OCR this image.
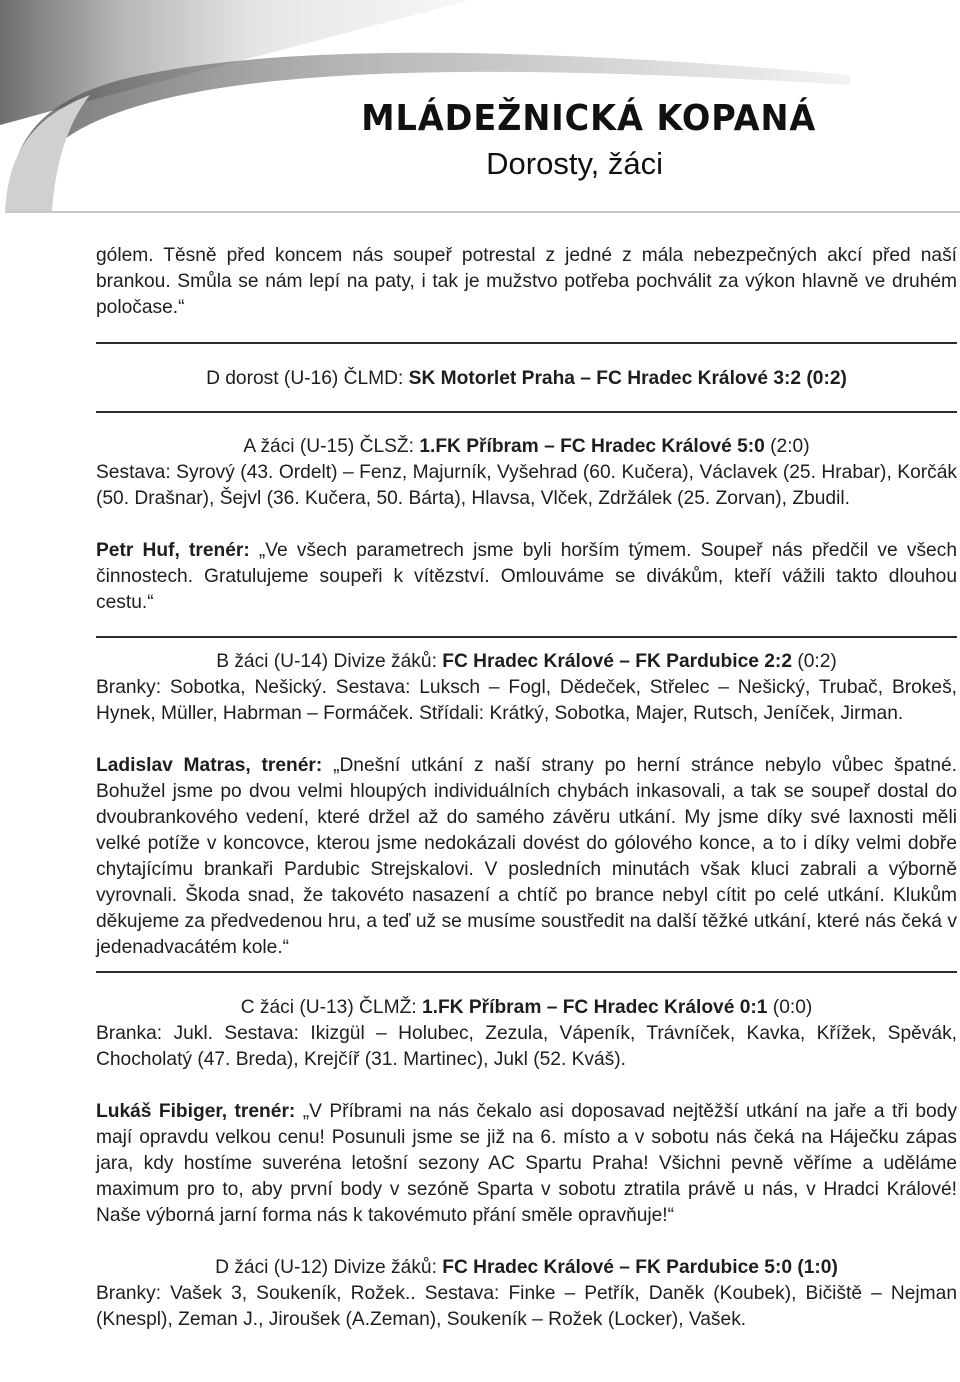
MLÁDEŽNICKÁ KOPANÁ
Dorosty, žáci

gólem. Těsně před koncem nás soupeř potrestal z jedné z mála nebezpečných akcí před naší brankou. Smůla se nám lepí na paty, i tak je mužstvo potřeba pochválit za výkon hlavně ve druhém poločase.“

D dorost (U-16) ČLMD: SK Motorlet Praha – FC Hradec Králové 3:2 (0:2)

A žáci (U-15) ČLSŽ: 1.FK Příbram – FC Hradec Králové 5:0 (2:0)

Sestava: Syrový (43. Ordelt) – Fenz, Majurník, Vyšehrad (60. Kučera), Václavek (25. Hrabar), Korčák (50. Drašnar), Šejvl (36. Kučera, 50. Bárta), Hlavsa, Vlček, Zdržálek (25. Zorvan), Zbudil.

Petr Huf, trenér: „Ve všech parametrech jsme byli horším týmem. Soupeř nás předčil ve všech činnostech. Gratulujeme soupeři k vítězství. Omlouváme se divákům, kteří vážili takto dlouhou cestu.“

B žáci (U-14) Divize žáků: FC Hradec Králové – FK Pardubice 2:2 (0:2)

Branky: Sobotka, Nešický. Sestava: Luksch – Fogl, Dědeček, Střelec – Nešický, Trubač, Brokeš, Hynek, Müller, Habrman – Formáček. Střídali: Krátký, Sobotka, Majer, Rutsch, Jeníček, Jirman.

Ladislav Matras, trenér: „Dnešní utkání z naší strany po herní stránce nebylo vůbec špatné. Bohužel jsme po dvou velmi hloupých individuálních chybách inkasovali, a tak se soupeř dostal do dvoubrankového vedení, které držel až do samého závěru utkání. My jsme díky své laxnosti měli velké potíže v koncovce, kterou jsme nedokázali dovést do gólového konce, a to i díky velmi dobře chytajícímu brankaři Pardubic Strejskalovi. V posledních minutách však kluci zabrali a výborně vyrovnali. Škoda snad, že takovéto nasazení a chtíč po brance nebyl cítit po celé utkání. Klukům děkujeme za předvedenou hru, a teď už se musíme soustředit na další těžké utkání, které nás čeká v jedenadvacátém kole.“

C žáci (U-13) ČLMŽ: 1.FK Příbram – FC Hradec Králové 0:1 (0:0)

Branka: Jukl. Sestava: Ikizgül – Holubec, Zezula, Vápeník, Trávníček, Kavka, Křížek, Spěvák, Chocholatý (47. Breda), Krejčíř (31. Martinec), Jukl (52. Kváš).

Lukáš Fibiger, trenér: „V Příbrami na nás čekalo asi doposavad nejtěžší utkání na jaře a tři body mají opravdu velkou cenu! Posunuli jsme se již na 6. místo a v sobotu nás čeká na Háječku zápas jara, kdy hostíme suveréna letošní sezony AC Spartu Praha! Všichni pevně věříme a uděláme maximum pro to, aby první body v sezóně Sparta v sobotu ztratila právě u nás, v Hradci Králové! Naše výborná jarní forma nás k takovémuto přání směle opravňuje!“

D žáci (U-12) Divize žáků: FC Hradec Králové – FK Pardubice 5:0 (1:0)

Branky: Vašek 3, Soukeník, Rožek.. Sestava: Finke – Petřík, Daněk (Koubek), Bičiště – Nejman (Knespl), Zeman J., Jiroušek (A.Zeman), Soukeník – Rožek (Locker), Vašek.
